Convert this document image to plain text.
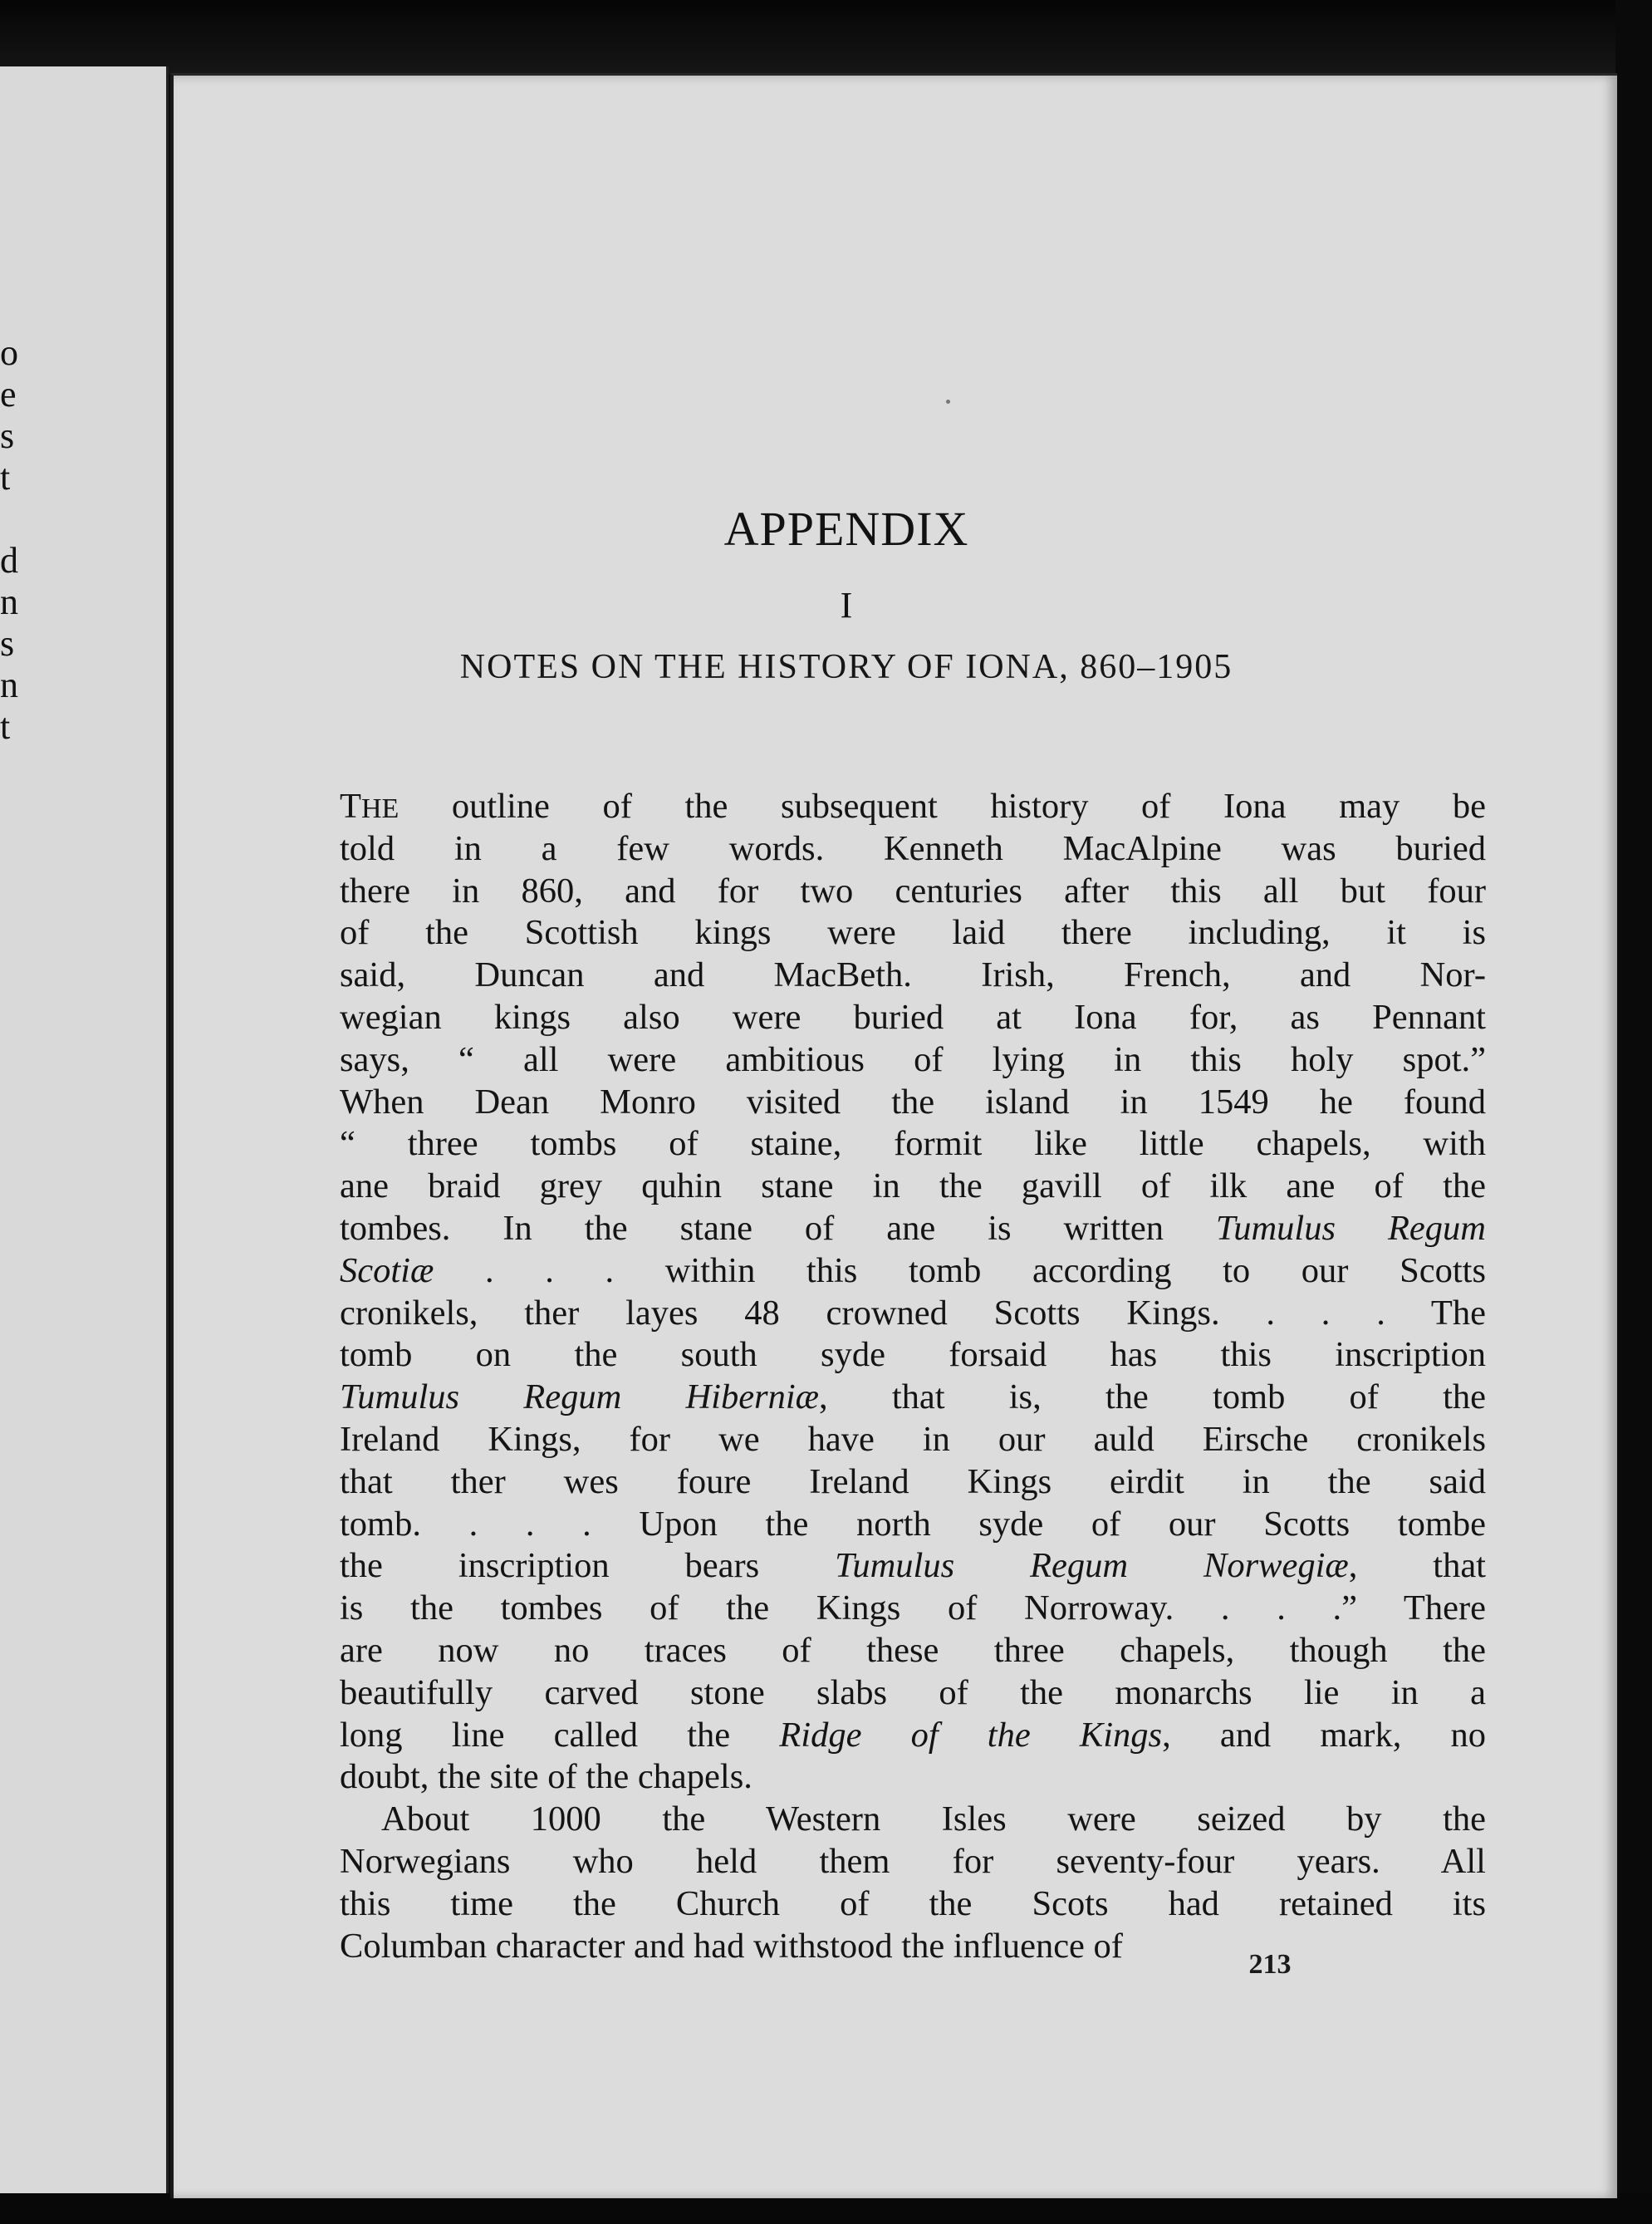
o
e
s
t
d
n
s
n
t
APPENDIX
I
NOTES ON THE HISTORY OF IONA, 860–1905
THE outline of the subsequent history of Iona may be
told in a few words. Kenneth MacAlpine was buried
there in 860, and for two centuries after this all but four
of the Scottish kings were laid there including, it is
said, Duncan and MacBeth. Irish, French, and Nor-
wegian kings also were buried at Iona for, as Pennant
says, “ all were ambitious of lying in this holy spot.”
When Dean Monro visited the island in 1549 he found
“ three tombs of staine, formit like little chapels, with
ane braid grey quhin stane in the gavill of ilk ane of the
tombes. In the stane of ane is written Tumulus Regum
Scotiæ . . . within this tomb according to our Scotts
cronikels, ther layes 48 crowned Scotts Kings. . . . The
tomb on the south syde forsaid has this inscription
Tumulus Regum Hiberniæ, that is, the tomb of the
Ireland Kings, for we have in our auld Eirsche cronikels
that ther wes foure Ireland Kings eirdit in the said
tomb. . . . Upon the north syde of our Scotts tombe
the inscription bears Tumulus Regum Norwegiæ, that
is the tombes of the Kings of Norroway. . . .” There
are now no traces of these three chapels, though the
beautifully carved stone slabs of the monarchs lie in a
long line called the Ridge of the Kings, and mark, no
doubt, the site of the chapels.
About 1000 the Western Isles were seized by the
Norwegians who held them for seventy-four years. All
this time the Church of the Scots had retained its
Columban character and had withstood the influence of	213
